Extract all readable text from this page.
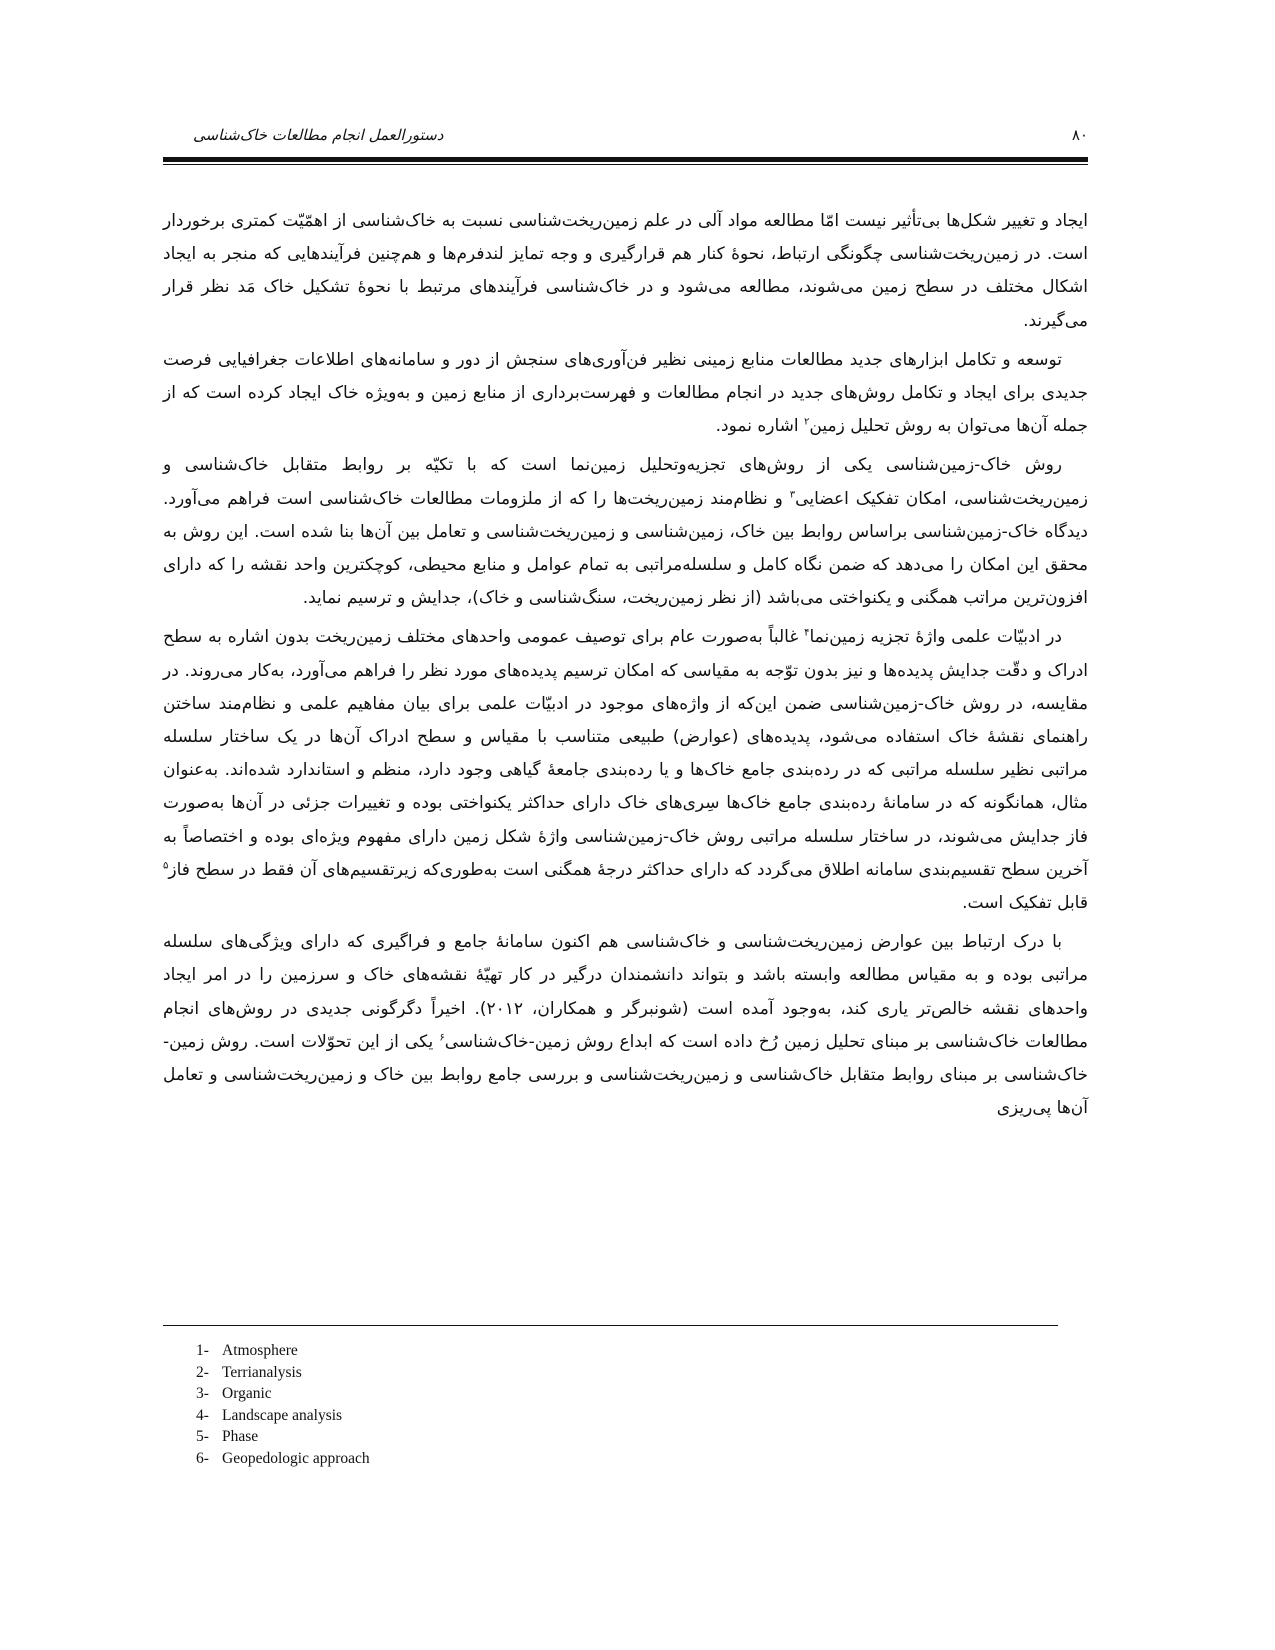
دستورالعمل انجام مطالعات خاک‌شناسی	۸۰

ایجاد و تغییر شکل‌ها بی‌تأثیر نیست امّا مطالعه مواد آلی در علم زمین‌ریخت‌شناسی نسبت به خاک‌شناسی از اهمّیّت کمتری برخوردار است. در زمین‌ریخت‌شناسی چگونگی ارتباط، نحوهٔ کنار هم قرارگیری و وجه تمایز لندفرم‌ها و هم‌چنین فرآیندهایی که منجر به ایجاد اشکال مختلف در سطح زمین می‌شوند، مطالعه می‌شود و در خاک‌شناسی فرآیندهای مرتبط با نحوهٔ تشکیل خاک مَد نظر قرار می‌گیرند.

توسعه و تکامل ابزارهای جدید مطالعات منابع زمینی نظیر فن‌آوری‌های سنجش از دور و سامانه‌های اطلاعات جغرافیایی فرصت جدیدی برای ایجاد و تکامل روش‌های جدید در انجام مطالعات و فهرست‌برداری از منابع زمین و به‌ویژه خاک ایجاد کرده است که از جمله آن‌ها می‌توان به روش تحلیل زمین$^۲$ اشاره نمود.

روش خاک-زمین‌شناسی یکی از روش‌های تجزیه‌وتحلیل زمین‌نما است که با تکیّه بر روابط متقابل خاک‌شناسی و زمین‌ریخت‌شناسی، امکان تفکیک اعضایی$^۳$ و نظام‌مند زمین‌ریخت‌ها را که از ملزومات مطالعات خاک‌شناسی است فراهم می‌آورد. دیدگاه خاک-زمین‌شناسی براساس روابط بین خاک، زمین‌شناسی و زمین‌ریخت‌شناسی و تعامل بین آن‌ها بنا شده است. این روش به محقق این امکان را می‌دهد که ضمن نگاه کامل و سلسله‌مراتبی به تمام عوامل و منابع محیطی، کوچکترین واحد نقشه را که دارای افزون‌ترین مراتب همگنی و یکنواختی می‌باشد (از نظر زمین‌ریخت، سنگ‌شناسی و خاک)، جدایش و ترسیم نماید.

در ادبیّات علمی واژهٔ تجزیه زمین‌نما$^۴$ غالباً به‌صورت عام برای توصیف عمومی واحدهای مختلف زمین‌ریخت بدون اشاره به سطح ادراک و دقّت جدایش پدیده‌ها و نیز بدون توّجه به مقیاسی که امکان ترسیم پدیده‌های مورد نظر را فراهم می‌آورد، به‌کار می‌روند. در مقایسه، در روش خاک-زمین‌شناسی ضمن این‌که از واژه‌های موجود در ادبیّات علمی برای بیان مفاهیم علمی و نظام‌مند ساختن راهنمای نقشهٔ خاک استفاده می‌شود، پدیده‌های (عوارض) طبیعی متناسب با مقیاس و سطح ادراک آن‌ها در یک ساختار سلسله مراتبی نظیر سلسله مراتبی که در رده‌بندی جامع خاک‌ها و یا رده‌بندی جامعهٔ گیاهی وجود دارد، منظم و استاندارد شده‌اند. به‌عنوان مثال، همانگونه که در سامانهٔ رده‌بندی جامع خاک‌ها سِری‌های خاک دارای حداکثر یکنواختی بوده و تغییرات جزئی در آن‌ها به‌صورت فاز جدایش می‌شوند، در ساختار سلسله مراتبی روش خاک-زمین‌شناسی واژهٔ شکل زمین دارای مفهوم ویژه‌ای بوده و اختصاصاً به آخرین سطح تقسیم‌بندی سامانه اطلاق می‌گردد که دارای حداکثر درجهٔ همگنی است به‌طوری‌که زیرتقسیم‌های آن فقط در سطح فاز$^۵$ قابل تفکیک است.

با درک ارتباط بین عوارض زمین‌ریخت‌شناسی و خاک‌شناسی هم اکنون سامانهٔ جامع و فراگیری که دارای ویژگی‌های سلسله مراتبی بوده و به مقیاس مطالعه وابسته باشد و بتواند دانشمندان درگیر در کار تهیّهٔ نقشه‌های خاک و سرزمین را در امر ایجاد واحدهای نقشه خالص‌تر یاری کند، به‌وجود آمده است (شونبرگر و همکاران، ۲۰۱۲). اخیراً دگرگونی جدیدی در روش‌های انجام مطالعات خاک‌شناسی بر مبنای تحلیل زمین رُخ داده است که ابداع روش زمین-خاک‌شناسی$^۶$ یکی از این تحوّلات است. روش زمین-خاک‌شناسی بر مبنای روابط متقابل خاک‌شناسی و زمین‌ریخت‌شناسی و بررسی جامع روابط بین خاک و زمین‌ریخت‌شناسی و تعامل آن‌ها پی‌ریزی

1- Atmosphere
2- Terrianalysis
3- Organic
4- Landscape analysis
5- Phase
6- Geopedologic approach
